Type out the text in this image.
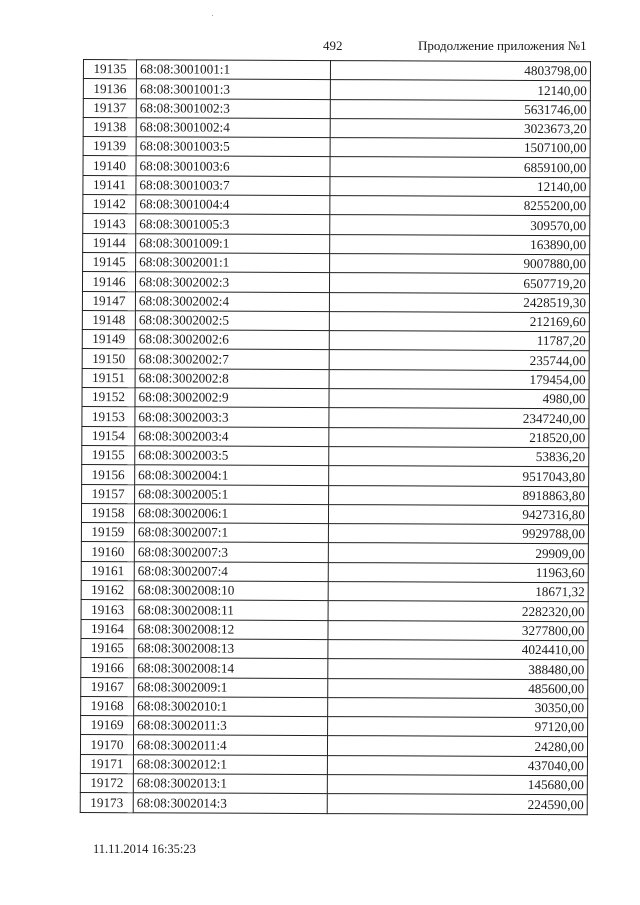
492	Продолжение приложения №1
19135	68:08:3001001:1	4803798,00
19136	68:08:3001001:3	12140,00
19137	68:08:3001002:3	5631746,00
19138	68:08:3001002:4	3023673,20
19139	68:08:3001003:5	1507100,00
19140	68:08:3001003:6	6859100,00
19141	68:08:3001003:7	12140,00
19142	68:08:3001004:4	8255200,00
19143	68:08:3001005:3	309570,00
19144	68:08:3001009:1	163890,00
19145	68:08:3002001:1	9007880,00
19146	68:08:3002002:3	6507719,20
19147	68:08:3002002:4	2428519,30
19148	68:08:3002002:5	212169,60
19149	68:08:3002002:6	11787,20
19150	68:08:3002002:7	235744,00
19151	68:08:3002002:8	179454,00
19152	68:08:3002002:9	4980,00
19153	68:08:3002003:3	2347240,00
19154	68:08:3002003:4	218520,00
19155	68:08:3002003:5	53836,20
19156	68:08:3002004:1	9517043,80
19157	68:08:3002005:1	8918863,80
19158	68:08:3002006:1	9427316,80
19159	68:08:3002007:1	9929788,00
19160	68:08:3002007:3	29909,00
19161	68:08:3002007:4	11963,60
19162	68:08:3002008:10	18671,32
19163	68:08:3002008:11	2282320,00
19164	68:08:3002008:12	3277800,00
19165	68:08:3002008:13	4024410,00
19166	68:08:3002008:14	388480,00
19167	68:08:3002009:1	485600,00
19168	68:08:3002010:1	30350,00
19169	68:08:3002011:3	97120,00
19170	68:08:3002011:4	24280,00
19171	68:08:3002012:1	437040,00
19172	68:08:3002013:1	145680,00
19173	68:08:3002014:3	224590,00
11.11.2014 16:35:23
